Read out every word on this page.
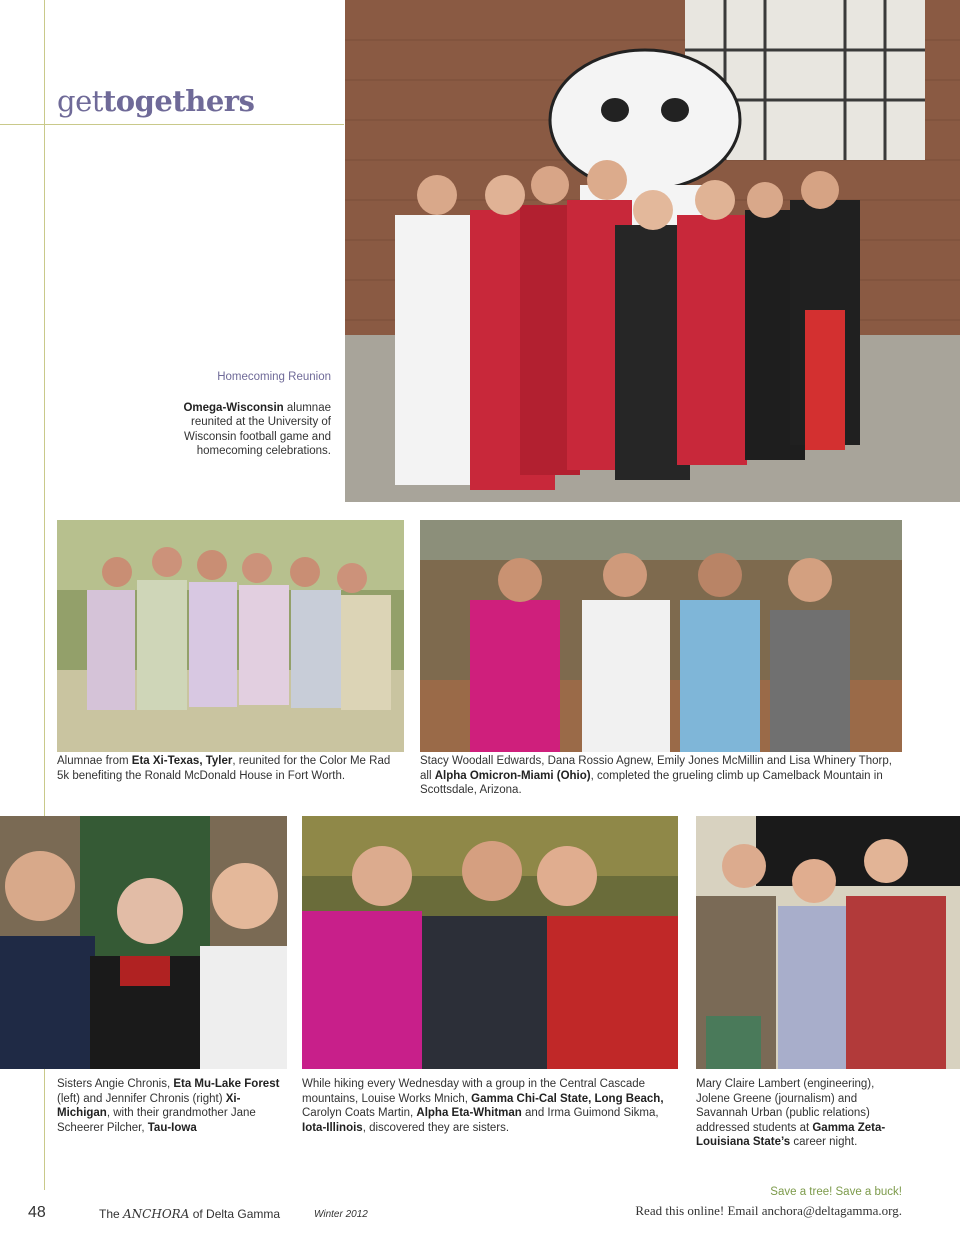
gettogethers
Homecoming Reunion
Omega-Wisconsin alumnae reunited at the University of Wisconsin football game and homecoming celebrations.
Alumnae from Eta Xi-Texas, Tyler, reunited for the Color Me Rad 5k benefiting the Ronald McDonald House in Fort Worth.
Stacy Woodall Edwards, Dana Rossio Agnew, Emily Jones McMillin and Lisa Whinery Thorp, all Alpha Omicron-Miami (Ohio), completed the grueling climb up Camelback Mountain in Scottsdale, Arizona.
Sisters Angie Chronis, Eta Mu-Lake Forest (left) and Jennifer Chronis (right) Xi-Michigan, with their grandmother Jane Scheerer Pilcher, Tau-Iowa
While hiking every Wednesday with a group in the Central Cascade mountains, Louise Works Mnich, Gamma Chi-Cal State, Long Beach, Carolyn Coats Martin, Alpha Eta-Whitman and Irma Guimond Sikma, Iota-Illinois, discovered they are sisters.
Mary Claire Lambert (engineering), Jolene Greene (journalism) and Savannah Urban (public relations) addressed students at Gamma Zeta-Louisiana State’s career night.
48	The ANCHORA of Delta Gamma	Winter 2012
Save a tree! Save a buck!
Read this online! Email anchora@deltagamma.org.
